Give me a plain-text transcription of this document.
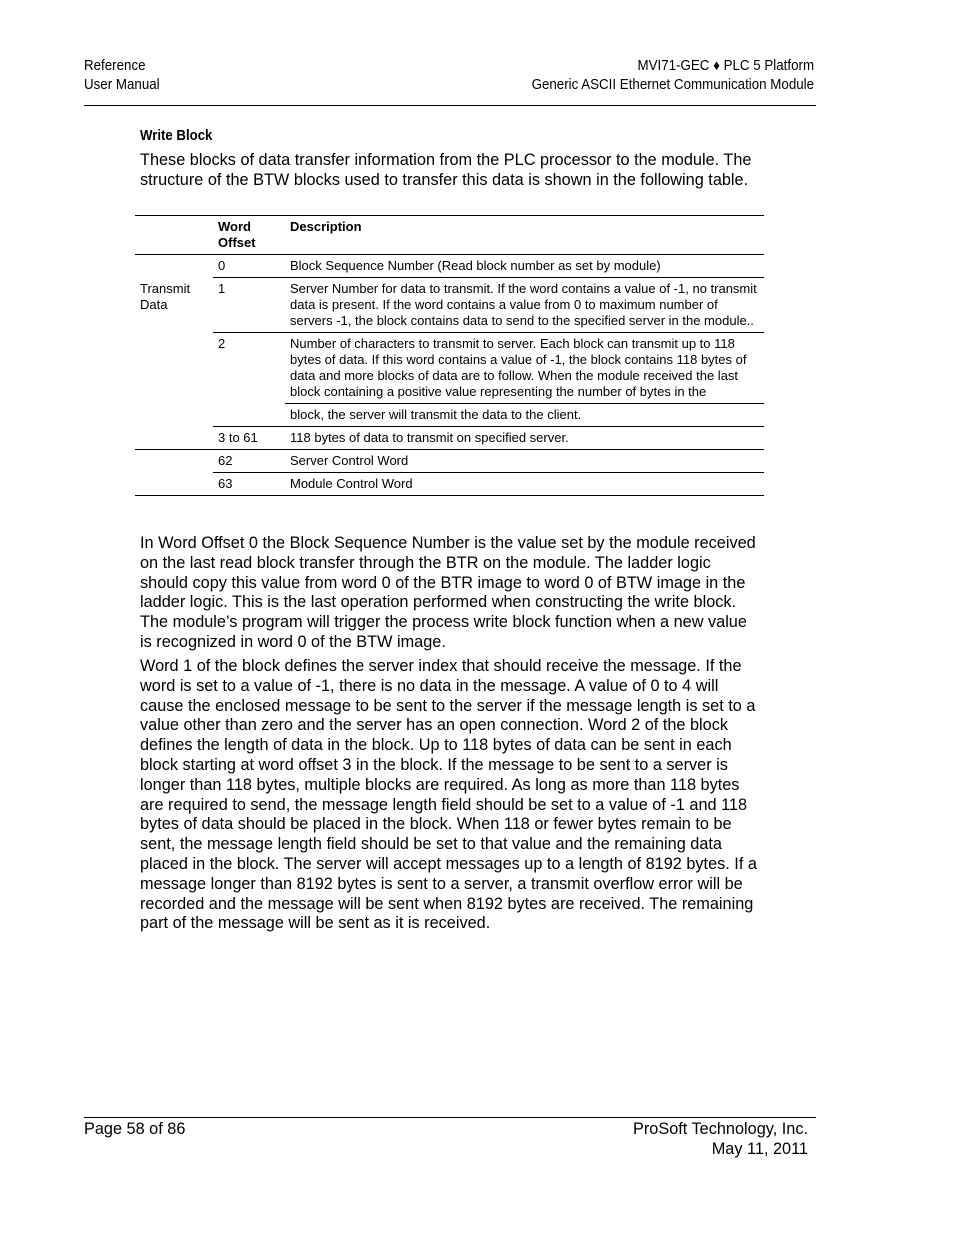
Reference
User Manual
MVI71-GEC ♦ PLC 5 Platform
Generic ASCII Ethernet Communication Module
Write Block

These blocks of data transfer information from the PLC processor to the module. The structure of the BTW blocks used to transfer this data is shown in the following table.

	Word
Offset	Description
	0	Block Sequence Number (Read block number as set by module)

Transmit
Data	1	Server Number for data to transmit. If the word contains a value of -1, no transmit data is present. If the word contains a value from 0 to maximum number of servers -1, the block contains data to send to the specified server in the module..
	2	Number of characters to transmit to server. Each block can transmit up to 118 bytes of data. If this word contains a value of -1, the block contains 118 bytes of data and more blocks of data are to follow. When the module received the last block containing a positive value representing the number of bytes in the
		block, the server will transmit the data to the client.
	3 to 61	118 bytes of data to transmit on specified server.
	62	Server Control Word
	63	Module Control Word

In Word Offset 0 the Block Sequence Number is the value set by the module received on the last read block transfer through the BTR on the module. The ladder logic should copy this value from word 0 of the BTR image to word 0 of BTW image in the ladder logic. This is the last operation performed when constructing the write block. The module’s program will trigger the process write block function when a new value is recognized in word 0 of the BTW image.

Word 1 of the block defines the server index that should receive the message. If the word is set to a value of -1, there is no data in the message. A value of 0 to 4 will cause the enclosed message to be sent to the server if the message length is set to a value other than zero and the server has an open connection. Word 2 of the block defines the length of data in the block. Up to 118 bytes of data can be sent in each block starting at word offset 3 in the block. If the message to be sent to a server is longer than 118 bytes, multiple blocks are required. As long as more than 118 bytes are required to send, the message length field should be set to a value of -1 and 118 bytes of data should be placed in the block. When 118 or fewer bytes remain to be sent, the message length field should be set to that value and the remaining data placed in the block. The server will accept messages up to a length of 8192 bytes. If a message longer than 8192 bytes is sent to a server, a transmit overflow error will be recorded and the message will be sent when 8192 bytes are received. The remaining part of the message will be sent as it is received.

Page 58 of 86	ProSoft Technology, Inc.
May 11, 2011
